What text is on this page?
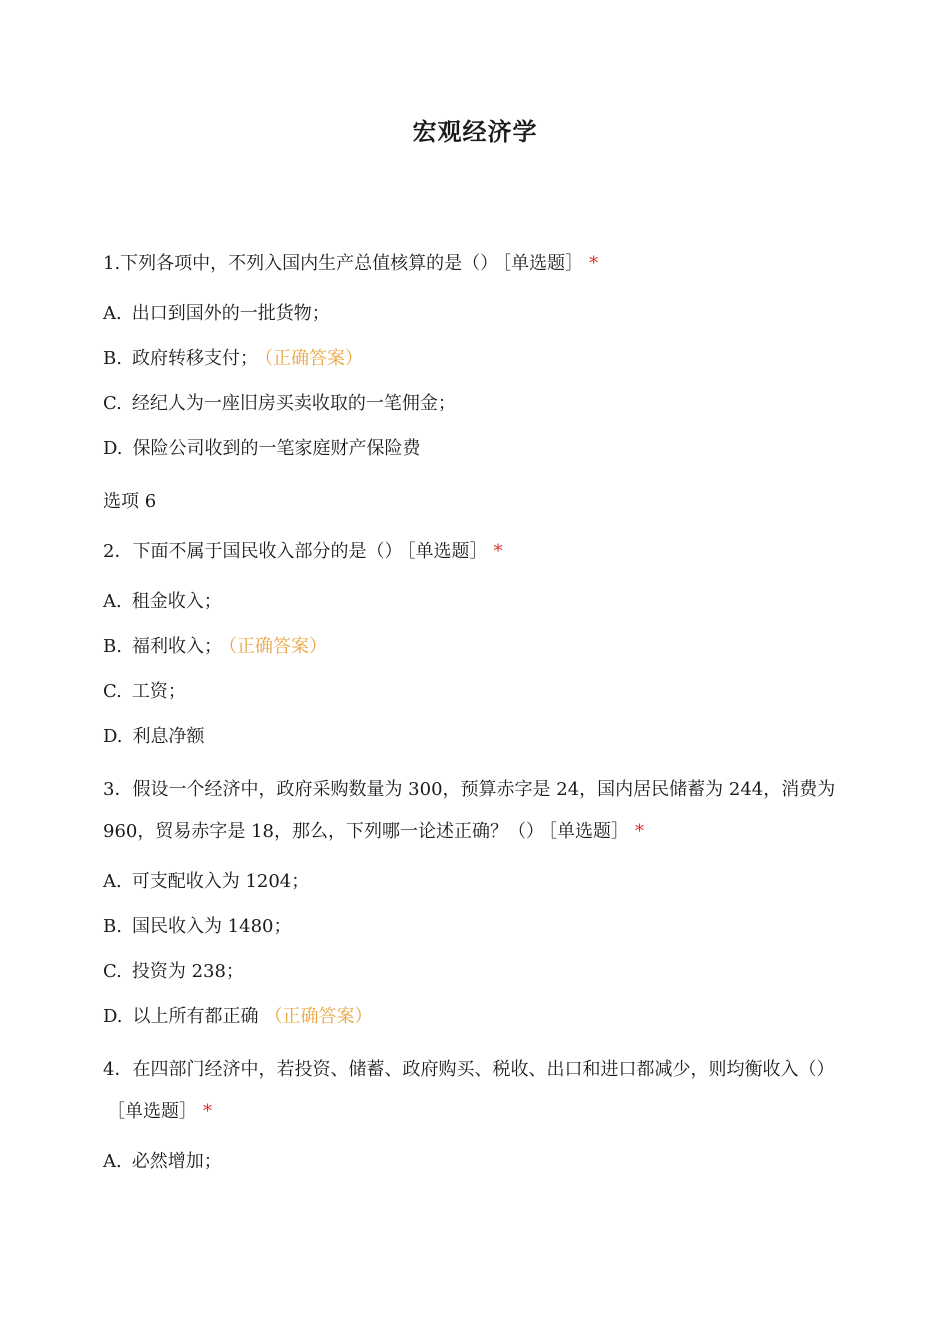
宏观经济学
1.下列各项中，不列入国内生产总值核算的是（） ［单选题］ *
A. 出口到国外的一批货物；
B. 政府转移支付； （正确答案）
C. 经纪人为一座旧房买卖收取的一笔佣金；
D. 保险公司收到的一笔家庭财产保险费
选项 6
2．下面不属于国民收入部分的是（） ［单选题］ *
A. 租金收入；
B. 福利收入； （正确答案）
C. 工资；
D. 利息净额
3．假设一个经济中，政府采购数量为 300，预算赤字是 24，国内居民储蓄为 244，消费为 960，贸易赤字是 18，那么，下列哪一论述正确？（） ［单选题］ *
A. 可支配收入为 1204；
B. 国民收入为 1480；
C. 投资为 238；
D. 以上所有都正确 （正确答案）
4．在四部门经济中，若投资、储蓄、政府购买、税收、出口和进口都减少，则均衡收入（）［单选题］ *
A. 必然增加；
